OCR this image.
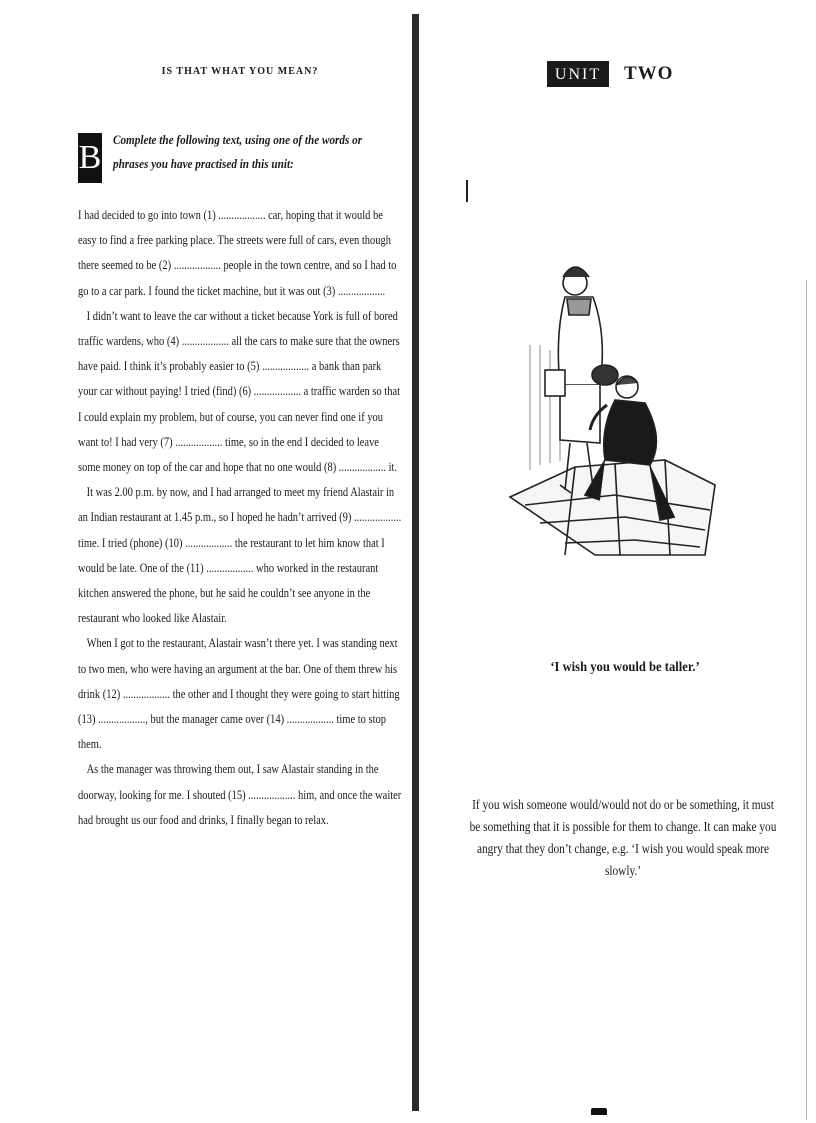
IS THAT WHAT YOU MEAN?
B Complete the following text, using one of the words or phrases you have practised in this unit:

I had decided to go into town (1) .................. car, hoping that it would be easy to find a free parking place. The streets were full of cars, even though there seemed to be (2) .................. people in the town centre, and so I had to go to a car park. I found the ticket machine, but it was out (3) ..................

I didn’t want to leave the car without a ticket because York is full of bored traffic wardens, who (4) .................. all the cars to make sure that the owners have paid. I think it’s probably easier to (5) .................. a bank than park your car without paying! I tried (find) (6) .................. a traffic warden so that I could explain my problem, but of course, you can never find one if you want to! I had very (7) .................. time, so in the end I decided to leave some money on top of the car and hope that no one would (8) .................. it.

It was 2.00 p.m. by now, and I had arranged to meet my friend Alastair in an Indian restaurant at 1.45 p.m., so I hoped he hadn’t arrived (9) .................. time. I tried (phone) (10) .................. the restaurant to let him know that I would be late. One of the (11) .................. who worked in the restaurant kitchen answered the phone, but he said he couldn’t see anyone in the restaurant who looked like Alastair.

When I got to the restaurant, Alastair wasn’t there yet. I was standing next to two men, who were having an argument at the bar. One of them threw his drink (12) .................. the other and I thought they were going to start hitting (13) .................., but the manager came over (14) .................. time to stop them.

As the manager was throwing them out, I saw Alastair standing in the doorway, looking for me. I shouted (15) .................. him, and once the waiter had brought us our food and drinks, I finally began to relax.

UNIT	TWO
‘I wish you would be taller.’
If you wish someone would/would not do or be something, it must be something that it is possible for them to change. It can make you angry that they don’t change, e.g. ‘I wish you would speak more slowly.’
